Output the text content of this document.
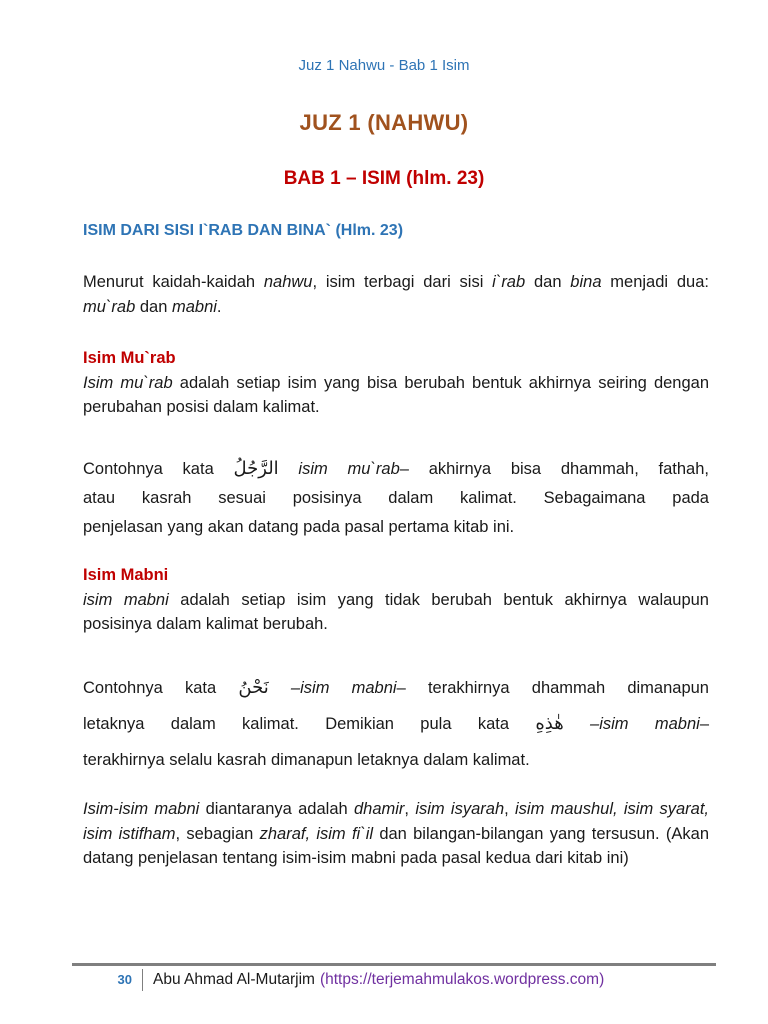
Juz 1 Nahwu - Bab 1 Isim
JUZ 1 (NAHWU)
BAB 1 – ISIM (hlm. 23)
ISIM DARI SISI I`RAB DAN BINA` (Hlm. 23)
Menurut kaidah-kaidah nahwu, isim terbagi dari sisi i`rab dan bina menjadi dua: mu`rab dan mabni.
Isim Mu`rab
Isim mu`rab adalah setiap isim yang bisa berubah bentuk akhirnya seiring dengan perubahan posisi dalam kalimat.
Contohnya kata الرَّجُلُ isim mu`rab– akhirnya bisa dhammah, fathah,
atau kasrah sesuai posisinya dalam kalimat. Sebagaimana pada
penjelasan yang akan datang pada pasal pertama kitab ini.
Isim Mabni
isim mabni adalah setiap isim yang tidak berubah bentuk akhirnya walaupun posisinya dalam kalimat berubah.
Contohnya kata نَحْنُ –isim mabni– terakhirnya dhammah dimanapun
letaknya dalam kalimat. Demikian pula kata هٰذِهِ –isim mabni–
terakhirnya selalu kasrah dimanapun letaknya dalam kalimat.
Isim-isim mabni diantaranya adalah dhamir, isim isyarah, isim maushul, isim syarat, isim istifham, sebagian zharaf, isim fi`il dan bilangan-bilangan yang tersusun. (Akan datang penjelasan tentang isim-isim mabni pada pasal kedua dari kitab ini)
30	Abu Ahmad Al-Mutarjim (https://terjemahmulakos.wordpress.com)
